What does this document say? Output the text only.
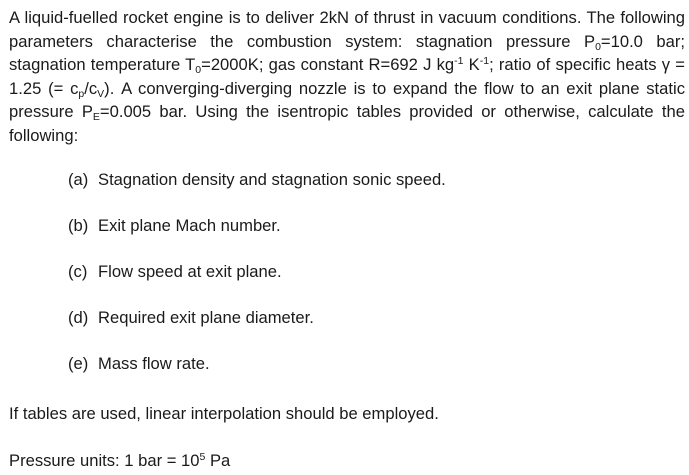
A liquid-fuelled rocket engine is to deliver 2kN of thrust in vacuum conditions. The following parameters characterise the combustion system: stagnation pressure $P_0=10.0$ bar; stagnation temperature $T_0=2000K$; gas constant R=692 J $kg^{-1}$ $K^{-1}$; ratio of specific heats γ = 1.25 (= $c_p/c_V$). A converging-diverging nozzle is to expand the flow to an exit plane static pressure $P_E=0.005$ bar. Using the isentropic tables provided or otherwise, calculate the following:

(a) Stagnation density and stagnation sonic speed.
(b) Exit plane Mach number.
(c) Flow speed at exit plane.
(d) Required exit plane diameter.
(e) Mass flow rate.

If tables are used, linear interpolation should be employed.

Pressure units: 1 bar = $10^5$ Pa
